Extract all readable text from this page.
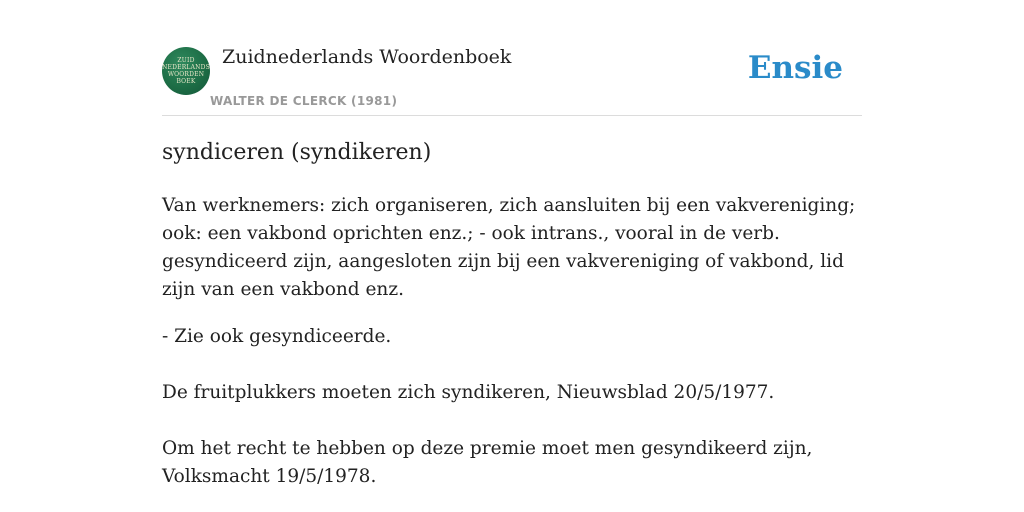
ZUID
NEDERLANDS
WOORDEN
BOEK
Zuidnederlands Woordenboek
WALTER DE CLERCK (1981)
Ensie
syndiceren (syndikeren)

Van werknemers: zich organiseren, zich aansluiten bij een vakvereniging; ook: een vakbond oprichten enz.; - ook intrans., vooral in de verb. gesyndiceerd zijn, aangesloten zijn bij een vakvereniging of vakbond, lid zijn van een vakbond enz.

- Zie ook gesyndiceerde.

De fruitplukkers moeten zich syndikeren, Nieuwsblad 20/5/1977.

Om het recht te hebben op deze premie moet men gesyndikeerd zijn, Volksmacht 19/5/1978.
